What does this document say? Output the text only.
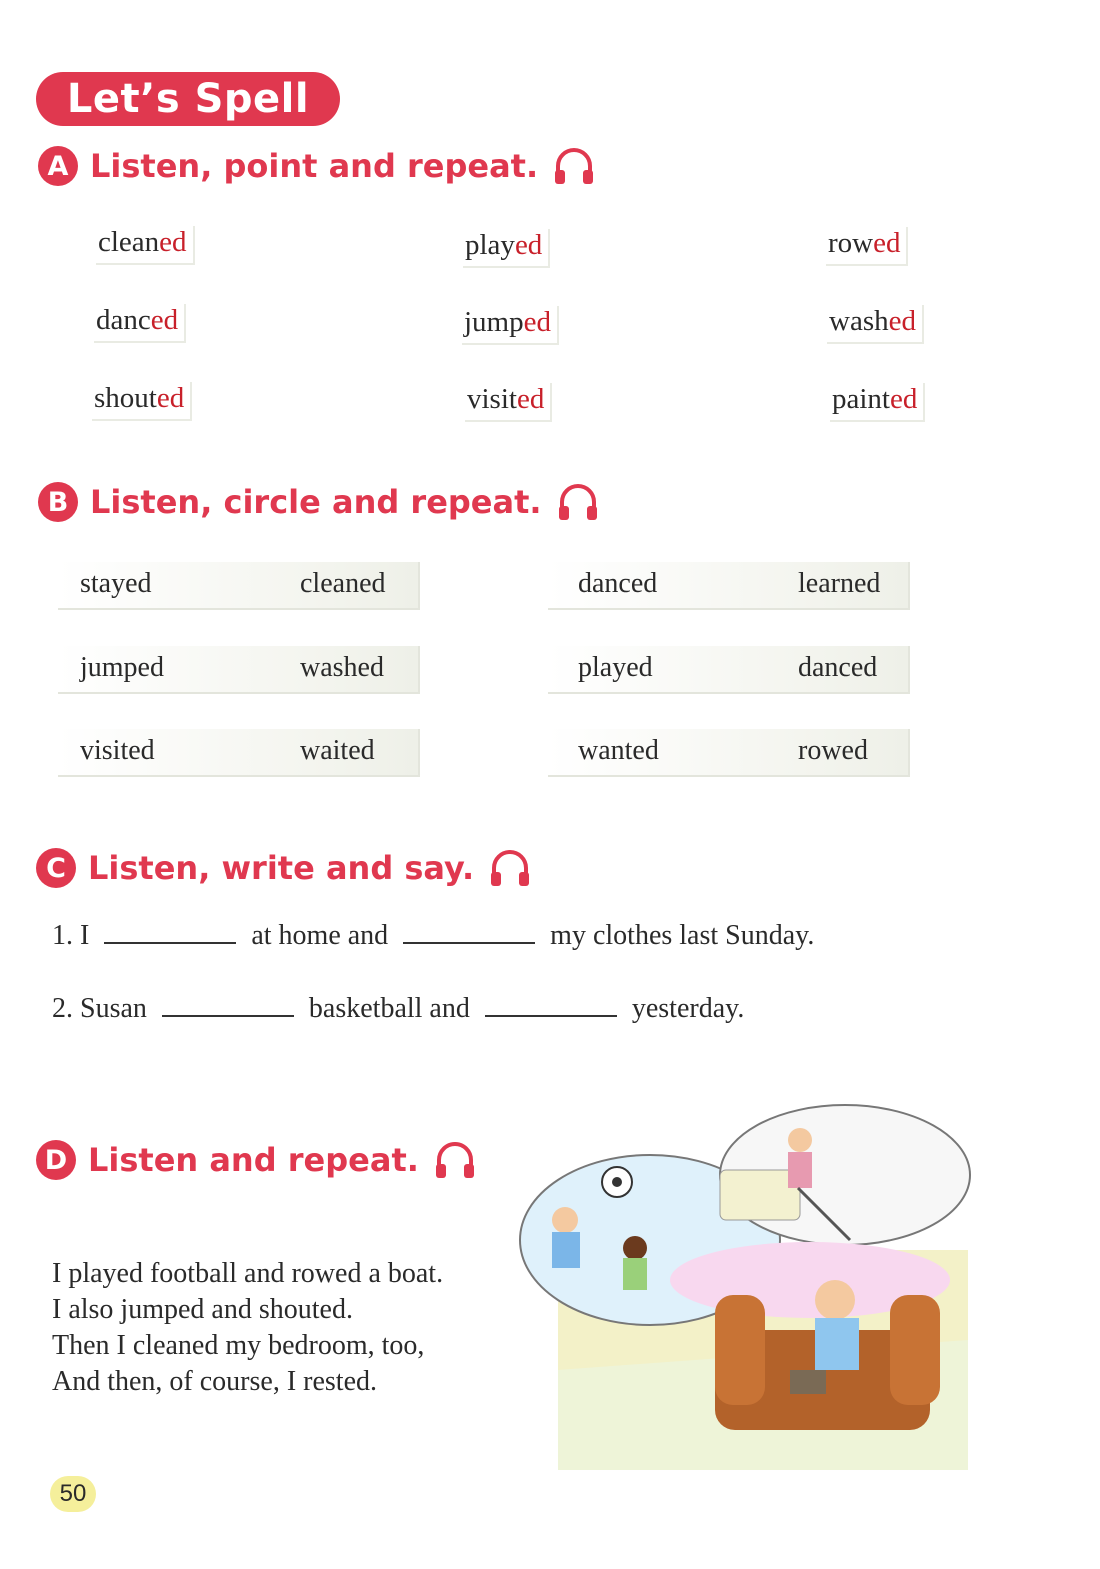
Let’s Spell
A Listen, point and repeat.
cleaned	played	rowed
danced	jumped	washed
shouted	visited	painted
B Listen, circle and repeat.
stayed	cleaned	danced	learned
jumped	washed	played	danced
visited	waited	wanted	rowed
C Listen, write and say.
1. I	at home and	my clothes last Sunday.
2. Susan	basketball and	yesterday.
D Listen and repeat.
I played football and rowed a boat.
I also jumped and shouted.
Then I cleaned my bedroom, too,
And then, of course, I rested.
50
